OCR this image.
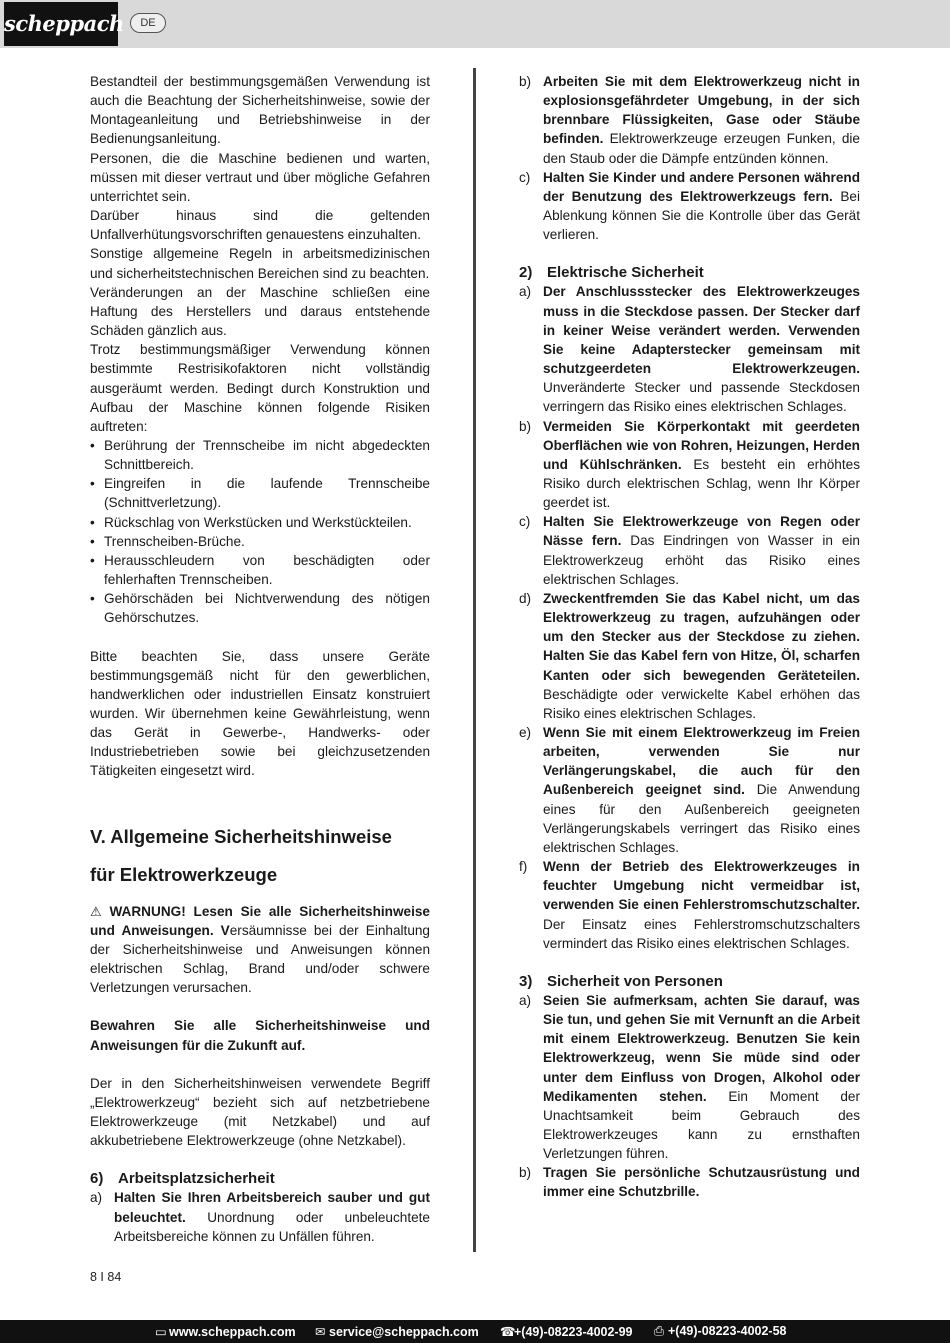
scheppach	DE

Bestandteil der bestimmungsgemäßen Verwendung ist auch die Beachtung der Sicherheitshinweise, sowie der Montageanleitung und Betriebshinweise in der Bedienungsanleitung.

Personen, die die Maschine bedienen und warten, müssen mit dieser vertraut und über mögliche Gefahren unterrichtet sein.

Darüber hinaus sind die geltenden Unfallverhütungsvorschriften genauestens einzuhalten.

Sonstige allgemeine Regeln in arbeitsmedizinischen und sicherheitstechnischen Bereichen sind zu beachten.

Veränderungen an der Maschine schließen eine Haftung des Herstellers und daraus entstehende Schäden gänzlich aus.

Trotz bestimmungsmäßiger Verwendung können bestimmte Restrisikofaktoren nicht vollständig ausgeräumt werden. Bedingt durch Konstruktion und Aufbau der Maschine können folgende Risiken auftreten:

• Berührung der Trennscheibe im nicht abgedeckten Schnittbereich.
• Eingreifen in die laufende Trennscheibe (Schnittverletzung).
• Rückschlag von Werkstücken und Werkstückteilen.
• Trennscheiben-Brüche.
• Herausschleudern von beschädigten oder fehlerhaften Trennscheiben.
• Gehörschäden bei Nichtverwendung des nötigen Gehörschutzes.

Bitte beachten Sie, dass unsere Geräte bestimmungsgemäß nicht für den gewerblichen, handwerklichen oder industriellen Einsatz konstruiert wurden. Wir übernehmen keine Gewährleistung, wenn das Gerät in Gewerbe-, Handwerks- oder Industriebetrieben sowie bei gleichzusetzenden Tätigkeiten eingesetzt wird.

V. Allgemeine Sicherheitshinweise

für Elektrowerkzeuge

⚠ WARNUNG! Lesen Sie alle Sicherheitshinweise und Anweisungen. Versäumnisse bei der Einhaltung der Sicherheitshinweise und Anweisungen können elektrischen Schlag, Brand und/oder schwere Verletzungen verursachen.

Bewahren Sie alle Sicherheitshinweise und Anweisungen für die Zukunft auf.

Der in den Sicherheitshinweisen verwendete Begriff „Elektrowerkzeug“ bezieht sich auf netzbetriebene Elektrowerkzeuge (mit Netzkabel) und auf akkubetriebene Elektrowerkzeuge (ohne Netzkabel).

6) Arbeitsplatzsicherheit

a) Halten Sie Ihren Arbeitsbereich sauber und gut beleuchtet. Unordnung oder unbeleuchtete Arbeitsbereiche können zu Unfällen führen.
b) Arbeiten Sie mit dem Elektrowerkzeug nicht in explosionsgefährdeter Umgebung, in der sich brennbare Flüssigkeiten, Gase oder Stäube befinden. Elektrowerkzeuge erzeugen Funken, die den Staub oder die Dämpfe entzünden können.
c) Halten Sie Kinder und andere Personen während der Benutzung des Elektrowerkzeugs fern. Bei Ablenkung können Sie die Kontrolle über das Gerät verlieren.

2) Elektrische Sicherheit

a) Der Anschlussstecker des Elektrowerkzeuges muss in die Steckdose passen. Der Stecker darf in keiner Weise verändert werden. Verwenden Sie keine Adapterstecker gemeinsam mit schutzgeerdeten Elektrowerkzeugen. Unveränderte Stecker und passende Steckdosen verringern das Risiko eines elektrischen Schlages.
b) Vermeiden Sie Körperkontakt mit geerdeten Oberflächen wie von Rohren, Heizungen, Herden und Kühlschränken. Es besteht ein erhöhtes Risiko durch elektrischen Schlag, wenn Ihr Körper geerdet ist.
c) Halten Sie Elektrowerkzeuge von Regen oder Nässe fern. Das Eindringen von Wasser in ein Elektrowerkzeug erhöht das Risiko eines elektrischen Schlages.
d) Zweckentfremden Sie das Kabel nicht, um das Elektrowerkzeug zu tragen, aufzuhängen oder um den Stecker aus der Steckdose zu ziehen. Halten Sie das Kabel fern von Hitze, Öl, scharfen Kanten oder sich bewegenden Geräteteilen. Beschädigte oder verwickelte Kabel erhöhen das Risiko eines elektrischen Schlages.
e) Wenn Sie mit einem Elektrowerkzeug im Freien arbeiten, verwenden Sie nur Verlängerungskabel, die auch für den Außenbereich geeignet sind. Die Anwendung eines für den Außenbereich geeigneten Verlängerungskabels verringert das Risiko eines elektrischen Schlages.
f)	Wenn der Betrieb des Elektrowerkzeuges in feuchter Umgebung nicht vermeidbar ist, verwenden Sie einen Fehlerstromschutzschalter. Der Einsatz eines Fehlerstromschutzschalters vermindert das Risiko eines elektrischen Schlages.

3) Sicherheit von Personen

a) Seien Sie aufmerksam, achten Sie darauf, was Sie tun, und gehen Sie mit Vernunft an die Arbeit mit einem Elektrowerkzeug. Benutzen Sie kein Elektrowerkzeug, wenn Sie müde sind oder unter dem Einfluss von Drogen, Alkohol oder Medikamenten stehen. Ein Moment der Unachtsamkeit beim Gebrauch des Elektrowerkzeuges kann zu ernsthaften Verletzungen führen.
b) Tragen Sie persönliche Schutzausrüstung und immer eine Schutzbrille.
8 I 84
▭ www.scheppach.com ✉ service@scheppach.com ☎+(49)-08223-4002-99 ⎙ +(49)-08223-4002-58
